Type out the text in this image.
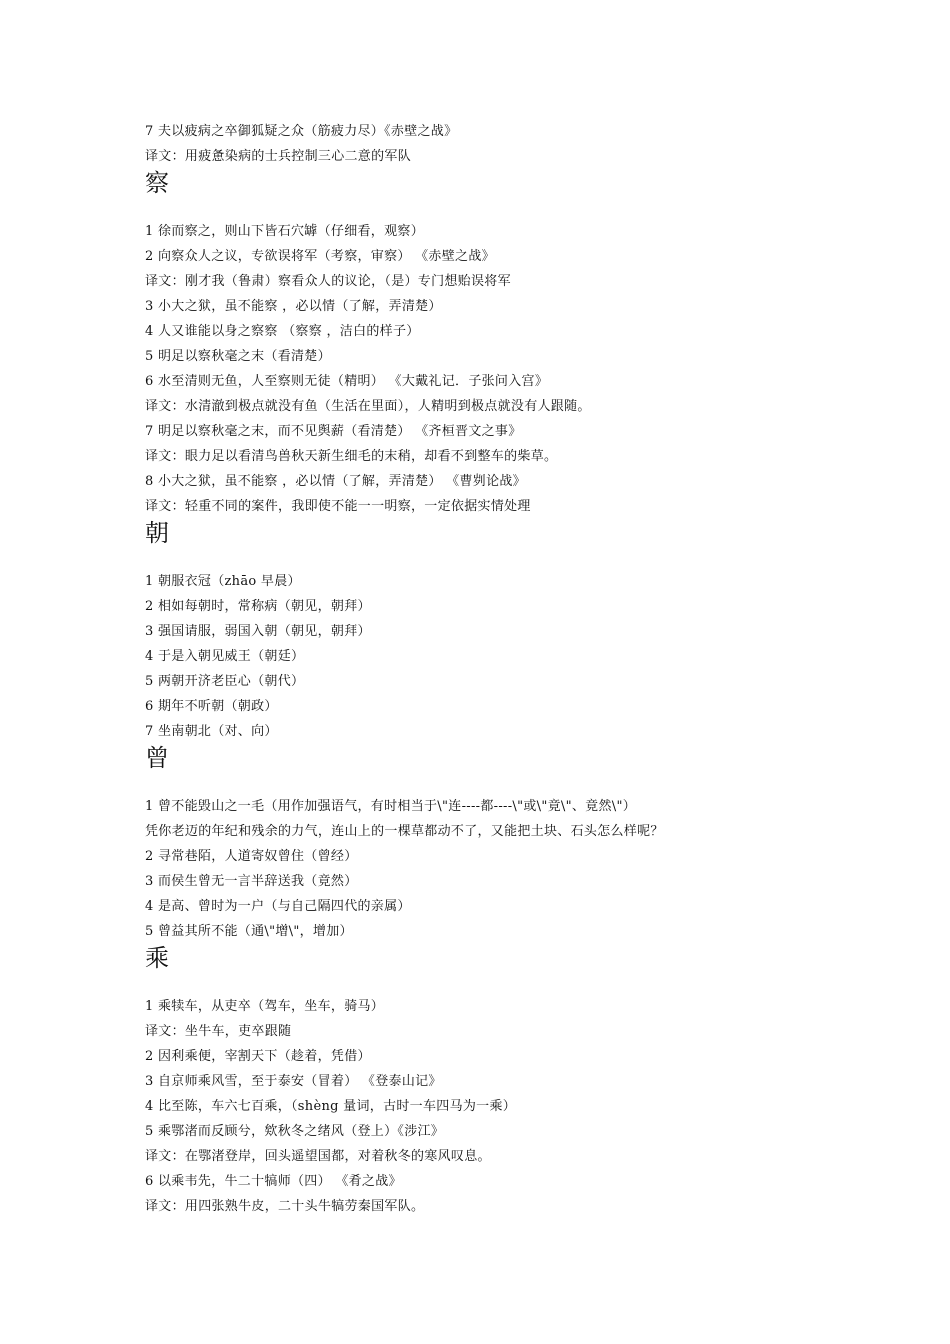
7 夫以疲病之卒御狐疑之众（筋疲力尽）《赤壁之战》
译文：用疲惫染病的士兵控制三心二意的军队
察
1 徐而察之，则山下皆石穴罅（仔细看，观察）
2 向察众人之议，专欲误将军（考察，审察） 《赤壁之战》
译文：刚才我（鲁肃）察看众人的议论，（是）专门想贻误将军
3 小大之狱，虽不能察 ，必以情（了解，弄清楚）
4 人又谁能以身之察察 （察察 ，洁白的样子）
5 明足以察秋毫之末（看清楚）
6 水至清则无鱼，人至察则无徒（精明） 《大戴礼记．子张问入宫》
译文：水清澈到极点就没有鱼（生活在里面），人精明到极点就没有人跟随。
7 明足以察秋毫之末，而不见舆薪（看清楚） 《齐桓晋文之事》
译文：眼力足以看清鸟兽秋天新生细毛的末稍，却看不到整车的柴草。
8 小大之狱，虽不能察 ，必以情（了解，弄清楚） 《曹刿论战》
译文：轻重不同的案件，我即使不能一一明察，一定依据实情处理
朝
1 朝服衣冠（zhāo 早晨）
2 相如每朝时，常称病（朝见，朝拜）
3 强国请服，弱国入朝（朝见，朝拜）
4 于是入朝见威王（朝廷）
5 两朝开济老臣心（朝代）
6 期年不听朝（朝政）
7 坐南朝北（对、向）
曾
1 曾不能毁山之一毛（用作加强语气，有时相当于\"连----都----\"或\"竟\"、竟然\"）
凭你老迈的年纪和残余的力气，连山上的一棵草都动不了，又能把土块、石头怎么样呢？
2 寻常巷陌，人道寄奴曾住（曾经）
3 而侯生曾无一言半辞送我（竟然）
4 是高、曾时为一户（与自己隔四代的亲属）
5 曾益其所不能（通\"增\"，增加）
乘
1 乘犊车，从吏卒（驾车，坐车，骑马）
译文：坐牛车，吏卒跟随
2 因利乘便，宰割天下（趁着，凭借）
3 自京师乘风雪，至于泰安（冒着） 《登泰山记》
4 比至陈，车六七百乘，（shèng 量词，古时一车四马为一乘）
5 乘鄂渚而反顾兮，欸秋冬之绪风（登上）《涉江》
译文：在鄂渚登岸，回头遥望国都，对着秋冬的寒风叹息。
6 以乘韦先，牛二十犒师（四） 《肴之战》
译文：用四张熟牛皮，二十头牛犒劳秦国军队。
